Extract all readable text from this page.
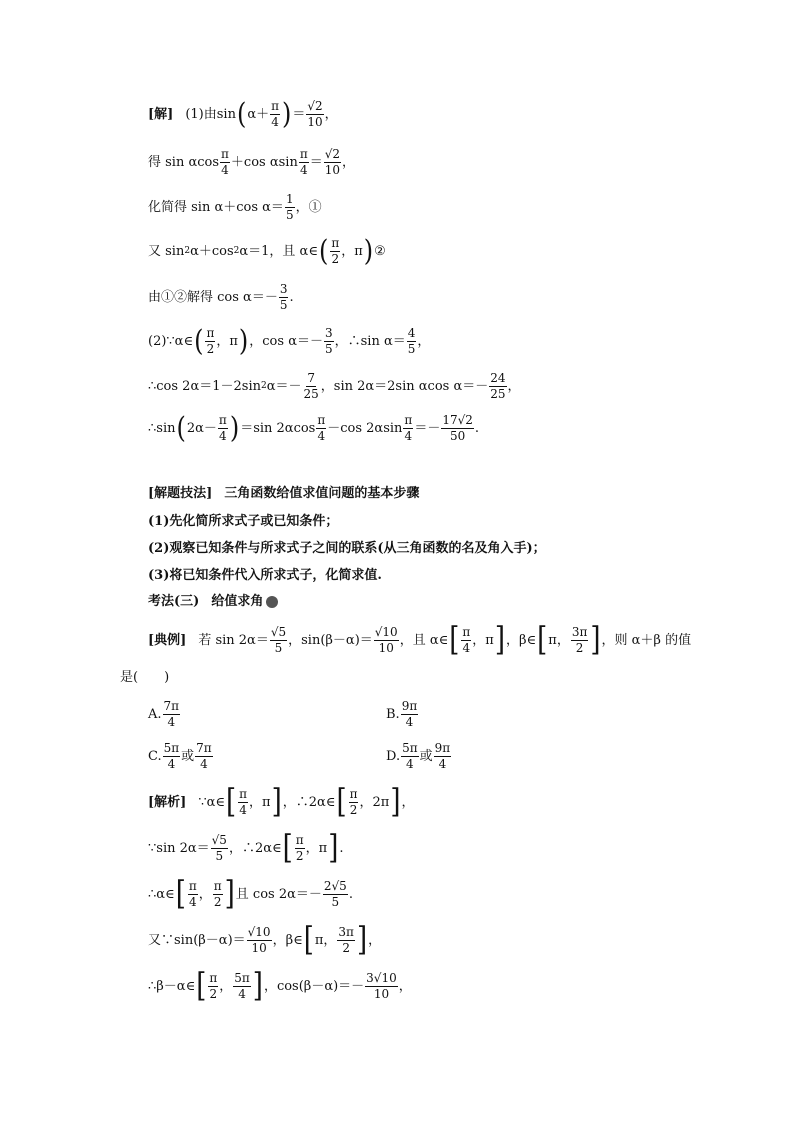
[解] (1)由 sin ( $\alpha+ \frac{\pi}{4}$ ) ＝ $\frac{√2}{10}$ ，
得 sin αcos $\frac{\pi}{4} +\cos$ αsin $\frac{\pi}{4} = \frac{√2}{10}$ ，
化简得 sin α＋cos $\alpha= \frac{1}{5}$ ，①
又 sin 2 α＋cos 2 α＝1，且 α∈ ( $\frac{\pi}{2}$ ，π ) ②
由①②解得 $\cos \alpha=- \frac{3}{5}$ .
(2)∵α∈ ( $\frac{\pi}{2}$ ，π ) ，$\cos \alpha=- \frac{3}{5}$ ，∴sin $\alpha= \frac{4}{5}$ ，
∴cos 2α＝1－2sin 2 $\alpha=- \frac{7}{25}$ ，sin 2α＝2sin αcos $\alpha=- \frac{24}{25}$ ，
∴sin ( $2\alpha- \frac{\pi}{4}$ ) ＝sin $2\alpha\cos \frac{\pi}{4} -\cos$ $2\alpha\sin \frac{\pi}{4} =- \frac{17√2}{50}$ .
[解题技法] 三角函数给值求值问题的基本步骤
(1)先化简所求式子或已知条件；
(2)观察已知条件与所求式子之间的联系(从三角函数的名及角入手)；
(3)将已知条件代入所求式子，化简求值.
考法(三) 给值求角
[典例] 若 $\sin 2\alpha= \frac{√5}{5}$ ，$\sin(\beta-\alpha)= \frac{√10}{10}$ ，且 α∈ [ $\frac{\pi}{4}$ ，π ] ，β∈ [ π， $\frac{3\pi}{2}$ ] ，则 α＋β 的值
是(　　)
A. $\frac{7\pi}{4}$	B. $\frac{9\pi}{4}$
C. $\frac{5\pi}{4}$ 或 $\frac{7\pi}{4}$	D. $\frac{5\pi}{4}$ 或 $\frac{9\pi}{4}$
[解析] ∵α∈ [ $\frac{\pi}{4}$ ，π ] ，∴2α∈ [ $\frac{\pi}{2}$ ，2π ] ，
∵sin $2\alpha= \frac{√5}{5}$ ，∴2α∈ [ $\frac{\pi}{2}$ ，π ] .
∴α∈ [ $\frac{\pi}{4}$ ， $\frac{\pi}{2}$ ] 且 $\cos 2\alpha=- \frac{2√5}{5}$ .
又∵sin(β－α)＝ $\frac{√10}{10}$ ，β∈ [ π， $\frac{3\pi}{2}$ ] ，
∴β－α∈ [ $\frac{\pi}{2}$ ， $\frac{5\pi}{4}$ ] ，$\cos(\beta-\alpha)=- \frac{3√10}{10}$ ，
